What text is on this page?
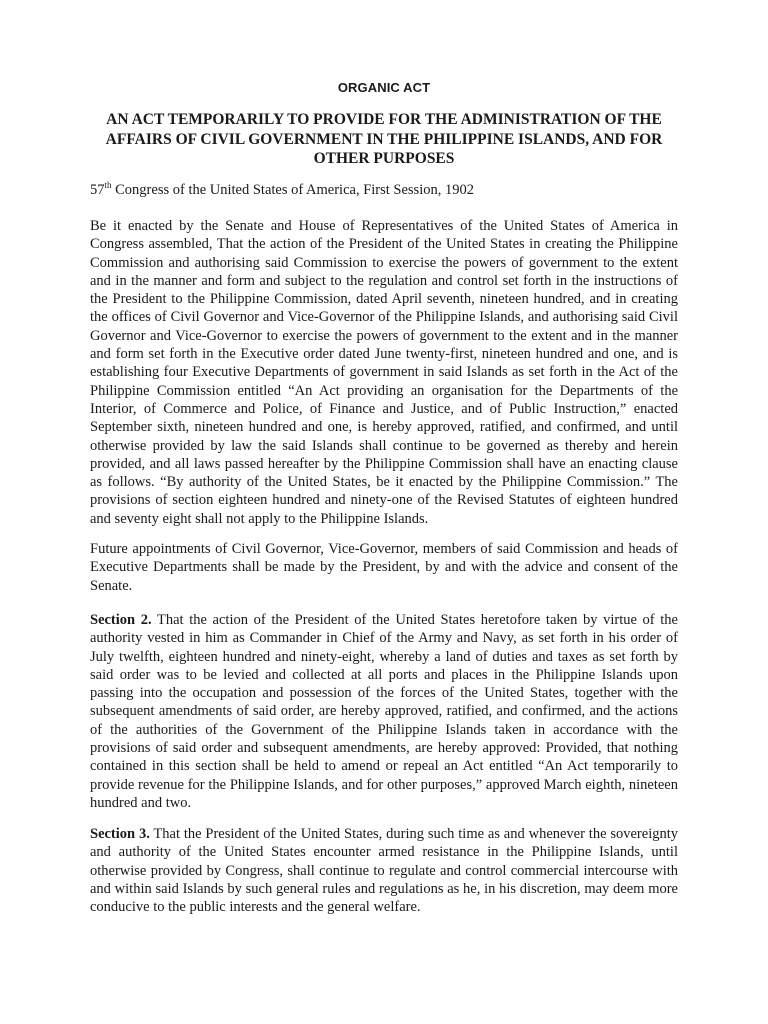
ORGANIC ACT

AN ACT TEMPORARILY TO PROVIDE FOR THE ADMINISTRATION OF THE AFFAIRS OF CIVIL GOVERNMENT IN THE PHILIPPINE ISLANDS, AND FOR OTHER PURPOSES

57th Congress of the United States of America, First Session, 1902

Be it enacted by the Senate and House of Representatives of the United States of America in Congress assembled, That the action of the President of the United States in creating the Philippine Commission and authorising said Commission to exercise the powers of government to the extent and in the manner and form and subject to the regulation and control set forth in the instructions of the President to the Philippine Commission, dated April seventh, nineteen hundred, and in creating the offices of Civil Governor and Vice-Governor of the Philippine Islands, and authorising said Civil Governor and Vice-Governor to exercise the powers of government to the extent and in the manner and form set forth in the Executive order dated June twenty-first, nineteen hundred and one, and is establishing four Executive Departments of government in said Islands as set forth in the Act of the Philippine Commission entitled “An Act providing an organisation for the Departments of the Interior, of Commerce and Police, of Finance and Justice, and of Public Instruction,” enacted September sixth, nineteen hundred and one, is hereby approved, ratified, and confirmed, and until otherwise provided by law the said Islands shall continue to be governed as thereby and herein provided, and all laws passed hereafter by the Philippine Commission shall have an enacting clause as follows. “By authority of the United States, be it enacted by the Philippine Commission.” The provisions of section eighteen hundred and ninety-one of the Revised Statutes of eighteen hundred and seventy eight shall not apply to the Philippine Islands.

Future appointments of Civil Governor, Vice-Governor, members of said Commission and heads of Executive Departments shall be made by the President, by and with the advice and consent of the Senate.

Section 2. That the action of the President of the United States heretofore taken by virtue of the authority vested in him as Commander in Chief of the Army and Navy, as set forth in his order of July twelfth, eighteen hundred and ninety-eight, whereby a land of duties and taxes as set forth by said order was to be levied and collected at all ports and places in the Philippine Islands upon passing into the occupation and possession of the forces of the United States, together with the subsequent amendments of said order, are hereby approved, ratified, and confirmed, and the actions of the authorities of the Government of the Philippine Islands taken in accordance with the provisions of said order and subsequent amendments, are hereby approved: Provided, that nothing contained in this section shall be held to amend or repeal an Act entitled “An Act temporarily to provide revenue for the Philippine Islands, and for other purposes,” approved March eighth, nineteen hundred and two.

Section 3. That the President of the United States, during such time as and whenever the sovereignty and authority of the United States encounter armed resistance in the Philippine Islands, until otherwise provided by Congress, shall continue to regulate and control commercial intercourse with and within said Islands by such general rules and regulations as he, in his discretion, may deem more conducive to the public interests and the general welfare.
